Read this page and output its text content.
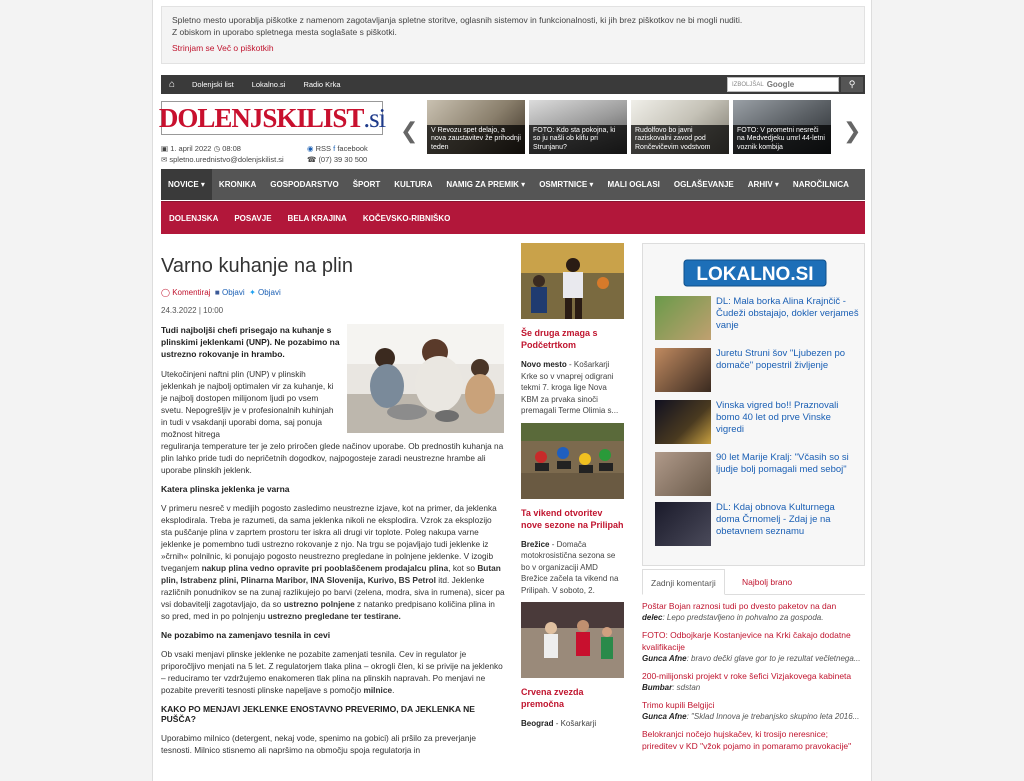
Spletno mesto uporablja piškotke z namenom zagotavljanja spletne storitve, oglasnih sistemov in funkcionalnosti, ki jih brez piškotkov ne bi mogli nuditi.
Z obiskom in uporabo spletnega mesta soglašate s piškotki.
Strinjam se Več o piškotkih
⌂	Dolenjski list	Lokalno.si	Radio Krka	IZBOLJŠAL Google	⚲
DOLENJSKI LIST .si
▣ 1. april 2022 ◷ 08:08
✉ spletno.urednistvo@dolenjskilist.si
◉ RSS f facebook
☎ (07) 39 30 500
❮	V Revozu spet delajo, a nova zaustavitev že prihodnji teden
FOTO: Kdo sta pokojna, ki so ju našli ob klifu pri Strunjanu?
Rudolfovo bo javni raziskovalni zavod pod Rončevičevim vodstvom
FOTO: V prometni nesreči na Medvedjeku umrl 44-letni voznik kombija
❯
NOVICE ▾	KRONIKA	GOSPODARSTVO	ŠPORT	KULTURA	NAMIG ZA PREMIK ▾	OSMRTNICE ▾	MALI OGLASI	OGLAŠEVANJE	ARHIV ▾	NAROČILNICA
DOLENJSKA	POSAVJE	BELA KRAJINA	KOČEVSKO-RIBNIŠKO
Varno kuhanje na plin
◯ Komentiraj ■ Objavi ✦ Objavi
24.3.2022 | 10:00
Tudi najboljši chefi prisegajo na kuhanje s plinskimi jeklenkami (UNP). Ne pozabimo na ustrezno rokovanje in hrambo.
Utekočinjeni naftni plin (UNP) v plinskih jeklenkah je najbolj optimalen vir za kuhanje, ki je najbolj dostopen milijonom ljudi po vsem svetu. Nepogrešljiv je v profesionalnih kuhinjah in tudi v vsakdanji uporabi doma, saj ponuja možnost hitrega
reguliranja temperature ter je zelo priročen glede načinov uporabe. Ob prednostih kuhanja na plin lahko pride tudi do nepričetnih dogodkov, najpogosteje zaradi neustrezne hrambe ali uporabe plinskih jeklenk.
Katera plinska jeklenka je varna
V primeru nesreč v medijih pogosto zasledimo neustrezne izjave, kot na primer, da jeklenka eksplodirala. Treba je razumeti, da sama jeklenka nikoli ne eksplodira. Vzrok za eksplozijo sta puščanje plina v zaprtem prostoru ter iskra ali drugi vir toplote. Poleg nakupa varne jeklenke je pomembno tudi ustrezno rokovanje z njo. Na trgu se pojavljajo tudi jeklenke iz »črnih« polnilnic, ki ponujajo pogosto neustrezno pregledane in polnjene jeklenke. V izogib tveganjem nakup plina vedno opravite pri pooblaščenem prodajalcu plina, kot so Butan plin, Istrabenz plini, Plinarna Maribor, INA Slovenija, Kurivo, BS Petrol itd. Jeklenke različnih ponudnikov se na zunaj razlikujejo po barvi (zelena, modra, siva in rumena), sicer pa vsi dobavitelji zagotavljajo, da so ustrezno polnjene z natanko predpisano količina plina in so pred, med in po polnjenju ustrezno pregledane ter testirane.
Ne pozabimo na zamenjavo tesnila in cevi
Ob vsaki menjavi plinske jeklenke ne pozabite zamenjati tesnila. Cev in regulator je priporočljivo menjati na 5 let. Z regulatorjem tlaka plina – okrogli člen, ki se privije na jeklenko – reduciramo ter vzdržujemo enakomeren tlak plina na plinskih napravah. Po menjavi ne pozabite preveriti tesnosti plinske napeljave s pomočjo milnice.
KAKO PO MENJAVI JEKLENKE ENOSTAVNO PREVERIMO, DA JEKLENKA NE PUŠČA?
Uporabimo milnico (detergent, nekaj vode, spenimo na gobici) ali pršilo za preverjanje tesnosti. Milnico stisnemo ali napršimo na območju spoja regulatorja in
Še druga zmaga s Podčetrtkom
Novo mesto - Košarkarji Krke so v vnaprej odigrani tekmi 7. kroga lige Nova KBM za prvaka sinoči premagali Terme Olimia s...
Ta vikend otvoritev nove sezone na Prilipah
Brežice - Domača motokrosistična sezona se bo v organizaciji AMD Brežice začela ta vikend na Prilipah. V soboto, 2.
Crvena zvezda premočna
Beograd - Košarkarji
LOKALNO.SI
DL: Mala borka Alina Krajnčič - Čudeži obstajajo, dokler verjameš vanje
Juretu Struni šov "Ljubezen po domače" popestril življenje
Vinska vigred bo!! Praznovali bomo 40 let od prve Vinske vigredi
90 let Marije Kralj: "Včasih so si ljudje bolj pomagali med seboj"
DL: Kdaj obnova Kulturnega doma Črnomelj - Zdaj je na obetavnem seznamu
Zadnji komentarji	Najbolj brano
Poštar Bojan raznosi tudi po dvesto paketov na dan
delec: Lepo predstavljeno in pohvalno za gospoda.
FOTO: Odbojkarje Kostanjevice na Krki čakajo dodatne kvalifikacije
Gunca Afne: bravo dečki glave gor to je rezultat večletnega...
200-milijonski projekt v roke šefici Vizjakovega kabineta
Bumbar: sdstan
Trimo kupili Belgijci
Gunca Afne: "Sklad Innova je trebanjsko skupino leta 2016...
Belokranjci nočejo hujskačev, ki trosijo neresnice; prireditev v KD "vžok pojamo in pomaramo pravokacije"
